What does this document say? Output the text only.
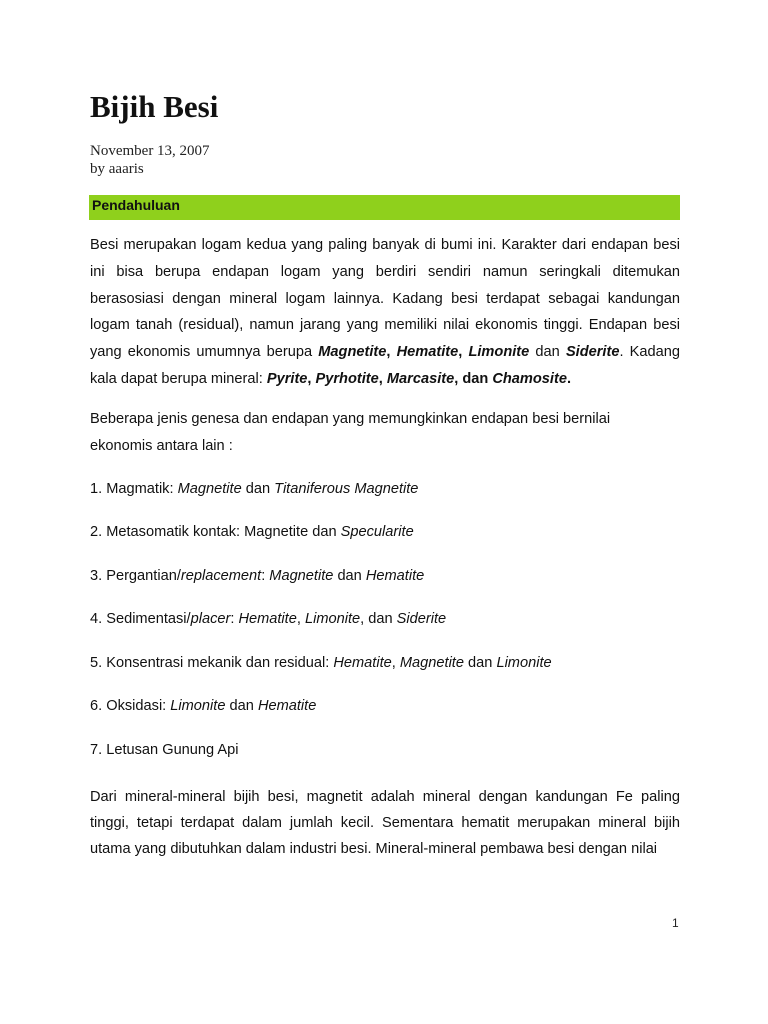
Bijih Besi
November 13, 2007
by aaaris
Pendahuluan

Besi merupakan logam kedua yang paling banyak di bumi ini. Karakter dari endapan besi ini bisa berupa endapan logam yang berdiri sendiri namun seringkali ditemukan berasosiasi dengan mineral logam lainnya. Kadang besi terdapat sebagai kandungan logam tanah (residual), namun jarang yang memiliki nilai ekonomis tinggi. Endapan besi yang ekonomis umumnya berupa Magnetite, Hematite, Limonite dan Siderite. Kadang kala dapat berupa mineral: Pyrite, Pyrhotite, Marcasite, dan Chamosite.

Beberapa jenis genesa dan endapan yang memungkinkan endapan besi bernilai
ekonomis antara lain :
1. Magmatik: Magnetite dan Titaniferous Magnetite
2. Metasomatik kontak: Magnetite dan Specularite
3. Pergantian/replacement: Magnetite dan Hematite
4. Sedimentasi/placer: Hematite, Limonite, dan Siderite
5. Konsentrasi mekanik dan residual: Hematite, Magnetite dan Limonite
6. Oksidasi: Limonite dan Hematite
7. Letusan Gunung Api

Dari mineral-mineral bijih besi, magnetit adalah mineral dengan kandungan Fe paling tinggi, tetapi terdapat dalam jumlah kecil. Sementara hematit merupakan mineral bijih utama yang dibutuhkan dalam industri besi. Mineral-mineral pembawa besi dengan nilai

1
